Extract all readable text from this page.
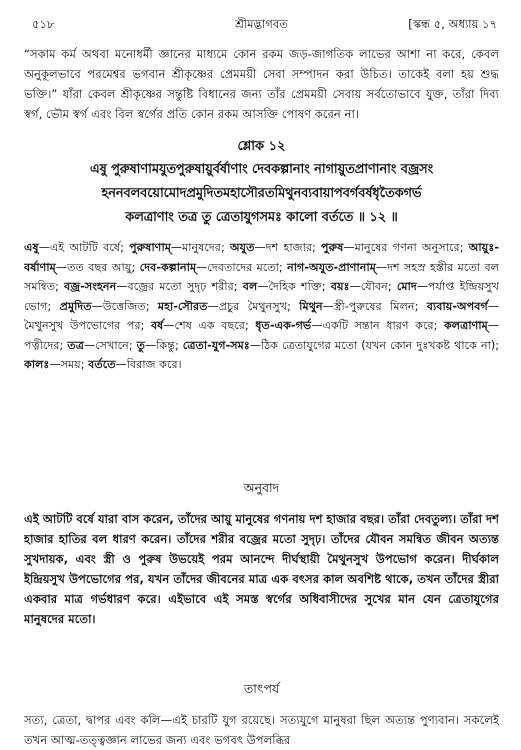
৫১৮	শ্রীমদ্ভাগবত	[স্কন্ধ ৫, অধ্যায় ১৭

“সকাম কর্ম অথবা মনোধর্মী জ্ঞানের মাধ্যমে কোন রকম জড়-জাগতিক লাভের আশা না করে, কেবল অনুকূলভাবে পরমেশ্বর ভগবান শ্রীকৃষ্ণের প্রেমময়ী সেবা সম্পাদন করা উচিত। তাকেই বলা হয় শুদ্ধ ভক্তি।” যাঁরা কেবল শ্রীকৃষ্ণের সন্তুষ্টি বিধানের জন্য তাঁর প্রেমময়ী সেবায় সর্বতোভাবে যুক্ত, তাঁরা দিব্য স্বর্গ, ভৌম স্বর্গ এবং বিল স্বর্গের প্রতি কোন রকম আসক্তি পোষণ করেন না।

শ্লোক ১২
এষু পুরুষাণামযুতপুরুষায়ুর্বর্ষাণাং দেবকল্পানাং নাগায়ুতপ্রাণানাং বজ্রসং
হননবলবয়োমোদপ্রমুদিতমহাসৌরতমিথুনব্যবায়াপবর্গবর্ষধৃতৈকগর্ভ
কলত্রাণাং তত্র তু ত্রেতাযুগসমঃ কালো বর্ততে ॥ ১২ ॥
এষু—এই আটটি বর্ষে; পুরুষাণাম্—মানুষদের; অযুত—দশ হাজার; পুরুষ—মানুষের গণনা অনুসারে; আয়ুঃ-বর্ষাণাম্—তত বছর আয়ু; দেব-কল্পানাম্—দেবতাদের মতো; নাগ-অযুত-প্রাণানাম্—দশ সহস্র হস্তীর মতো বল সমন্বিত; বজ্র-সংহনন—বজ্রের মতো সুদৃঢ় শরীর; বল—দৈহিক শক্তি; বয়ঃ—যৌবন; মোদ—পর্যাপ্ত ইন্দ্রিয়সুখ ভোগ; প্রমুদিত—উত্তেজিত; মহা-সৌরত—প্রচুর মৈথুনসুখ; মিথুন—স্ত্রী-পুরুষের মিলন; ব্যবায়-অপবর্গ—মৈথুনসুখ উপভোগের পর; বর্ষ—শেষ এক বছরে; ধৃত-এক-গর্ভ—একটি সন্তান ধারণ করে; কলত্রাণাম্—পত্নীদের; তত্র—সেখানে; তু—কিন্তু; ত্রেতা-যুগ-সমঃ—ঠিক ত্রেতাযুগের মতো (যখন কোন দুঃখকষ্ট থাকে না); কালঃ—সময়; বর্ততে—বিরাজ করে।
অনুবাদ

এই আটটি বর্ষে যারা বাস করেন, তাঁদের আয়ু মানুষের গণনায় দশ হাজার বছর। তাঁরা দেবতুল্য। তাঁরা দশ হাজার হাতির বল ধারণ করেন। তাঁদের শরীর বজ্রের মতো সুদৃঢ়। তাঁদের যৌবন সমন্বিত জীবন অত্যন্ত সুখদায়ক, এবং স্ত্রী ও পুরুষ উভয়েই পরম আনন্দে দীর্ঘস্থায়ী মৈথুনসুখ উপভোগ করেন। দীর্ঘকাল ইন্দ্রিয়সুখ উপভোগের পর, যখন তাঁদের জীবনের মাত্র এক বৎসর কাল অবশিষ্ট থাকে, তখন তাঁদের স্ত্রীরা একবার মাত্র গর্ভধারণ করে। এইভাবে এই সমস্ত স্বর্গের অধিবাসীদের সুখের মান যেন ত্রেতাযুগের মানুষদের মতো।

তাৎপর্য

সত্য, ত্রেতা, দ্বাপর এবং কলি—এই চারটি যুগ রয়েছে। সত্যযুগে মানুষরা ছিল অত্যন্ত পুণ্যবান। সকলেই তখন আত্ম-তত্ত্বজ্ঞান লাভের জন্য এবং ভগবৎ উপলব্ধির
